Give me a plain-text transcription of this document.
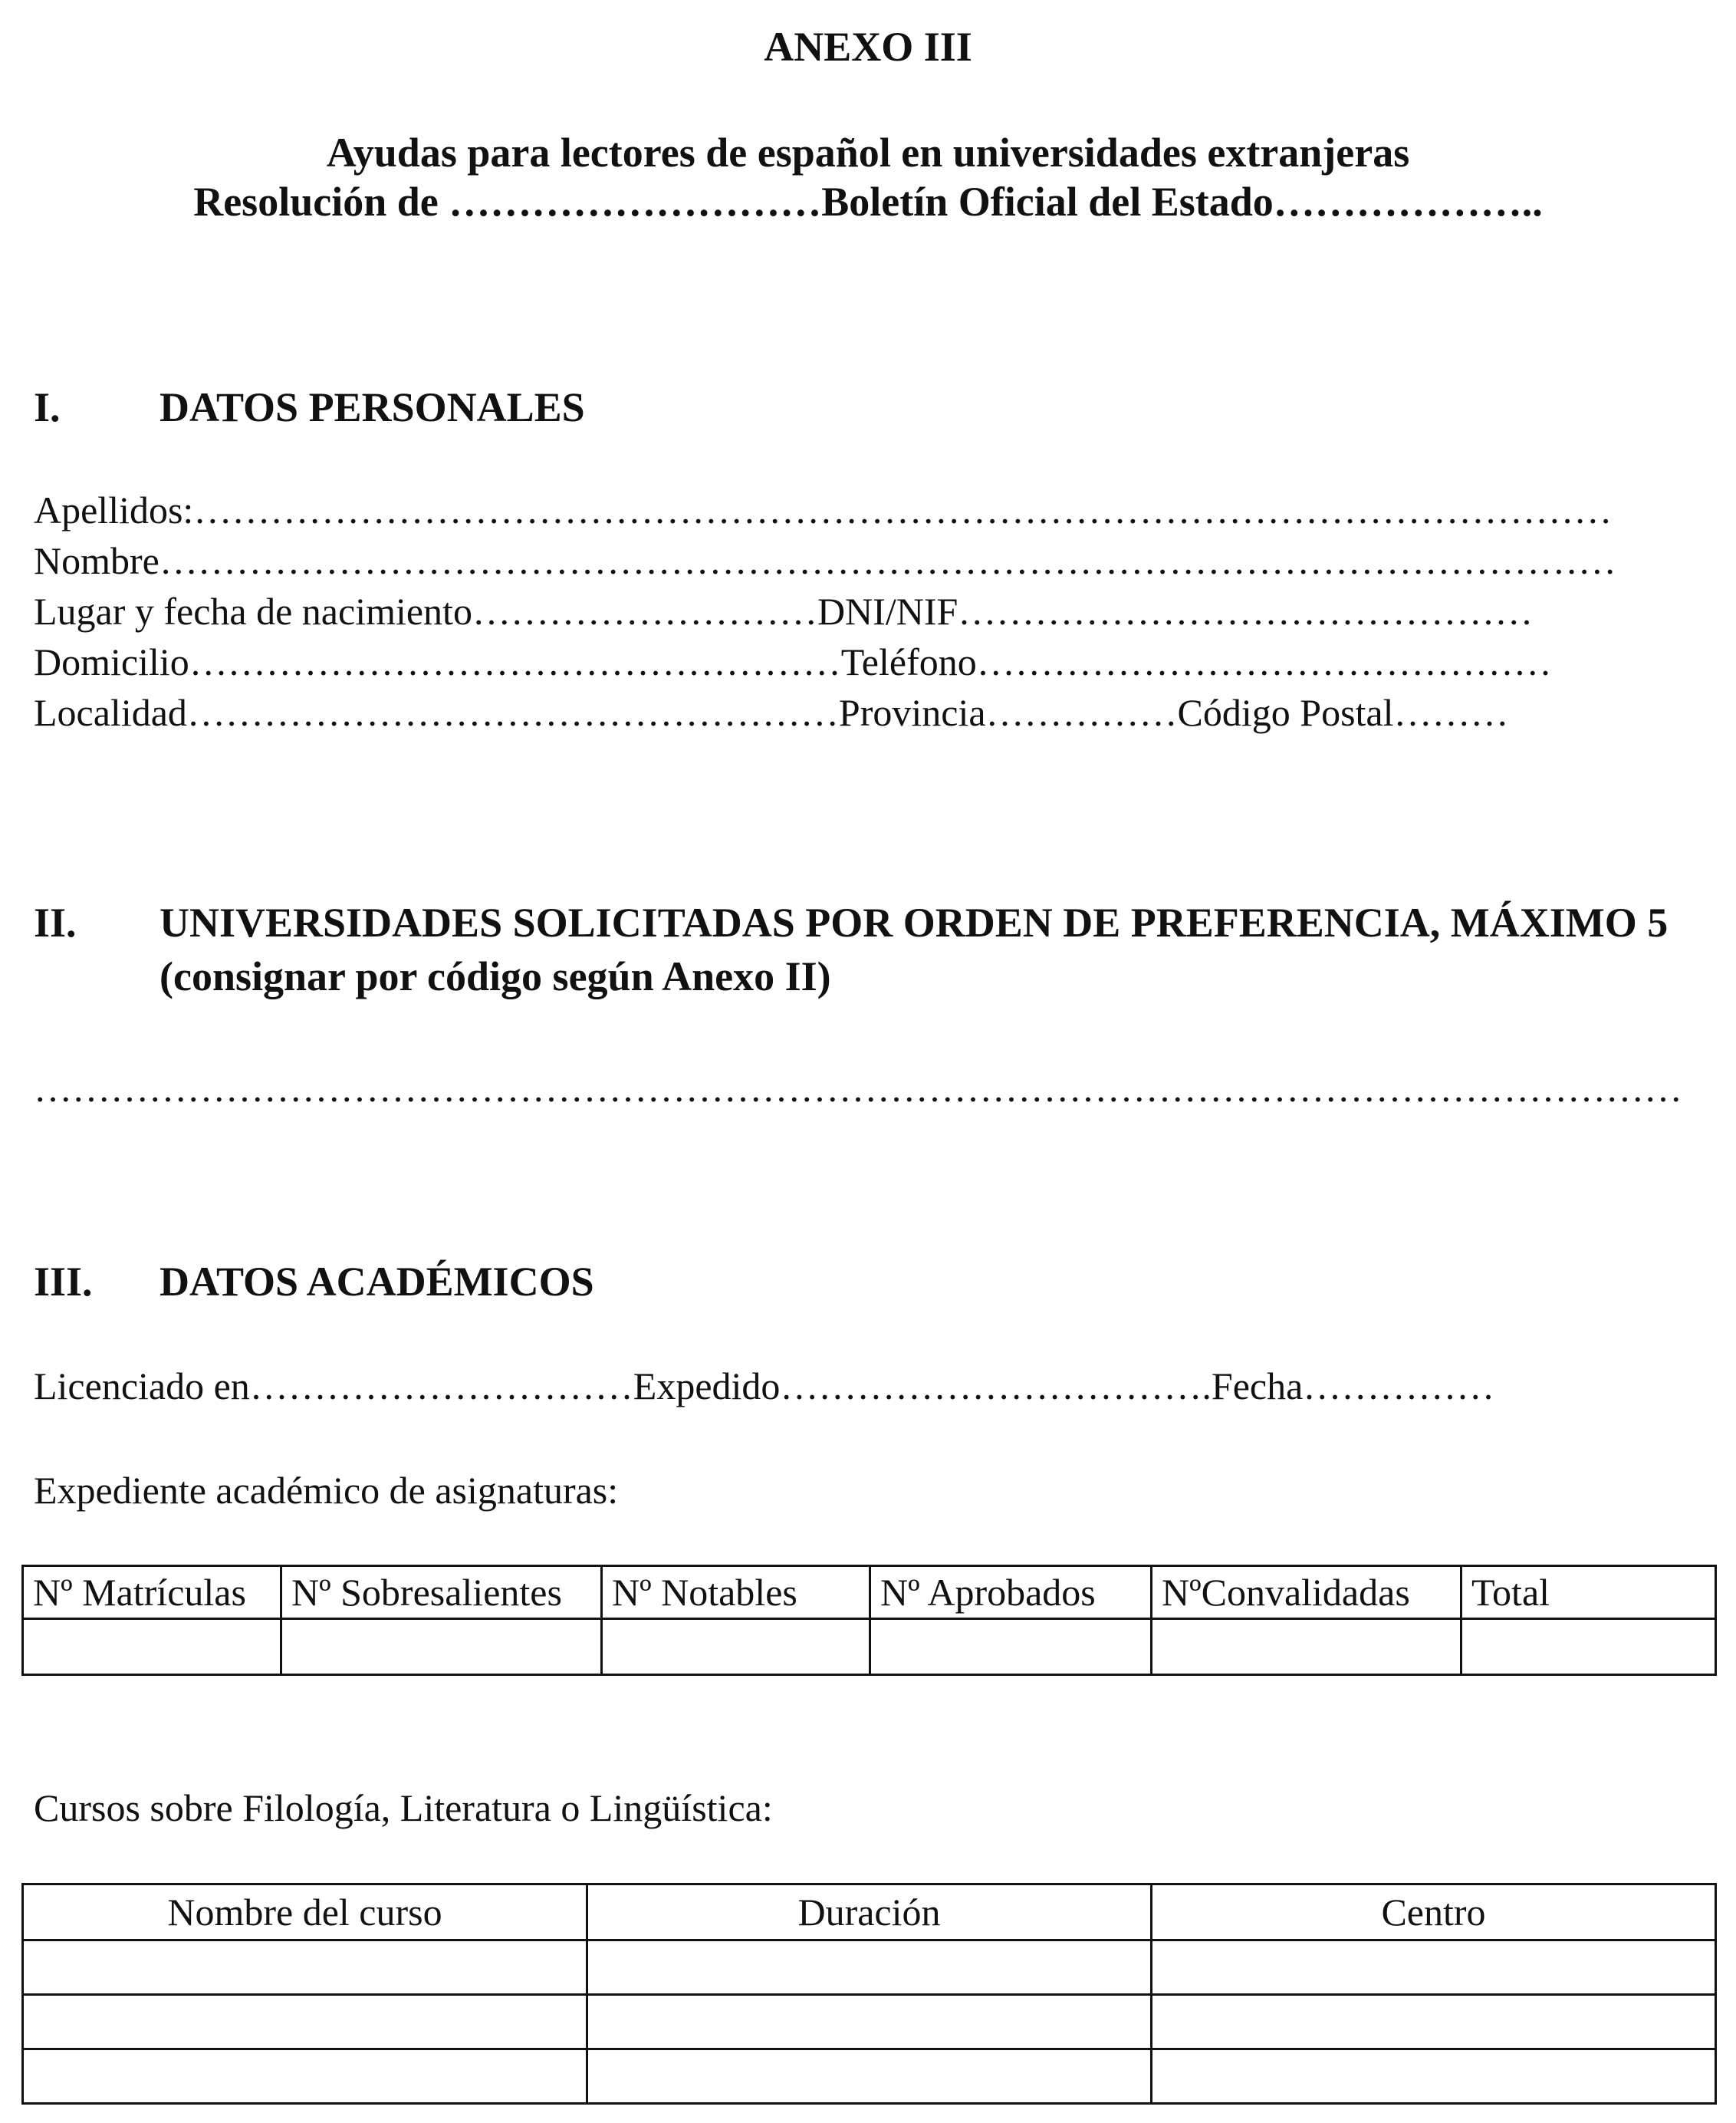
ANEXO III
Ayudas para lectores de español en universidades extranjeras
Resolución de ………………………Boletín Oficial del Estado………………..
I. DATOS PERSONALES
Apellidos:…………………………………………………………………………………………………
Nombre……………………………………………………………………………………………………
Lugar y fecha de nacimiento………………………DNI/NIF………………………………………
Domicilio……………………………………………Teléfono………………………………………
Localidad……………………………………………Provincia……………Código Postal………
II. UNIVERSIDADES SOLICITADAS POR ORDEN DE PREFERENCIA, MÁXIMO 5
(consignar por código según Anexo II)
…………………………………………………………………………………………………………………
III. DATOS ACADÉMICOS
Licenciado en…………………………Expedido…………………………….Fecha……………
Expediente académico de asignaturas:
Nº Matrículas	Nº Sobresalientes	Nº Notables	Nº Aprobados	NºConvalidadas	Total

Cursos sobre Filología, Literatura o Lingüística:
Nombre del curso	Duración	Centro
